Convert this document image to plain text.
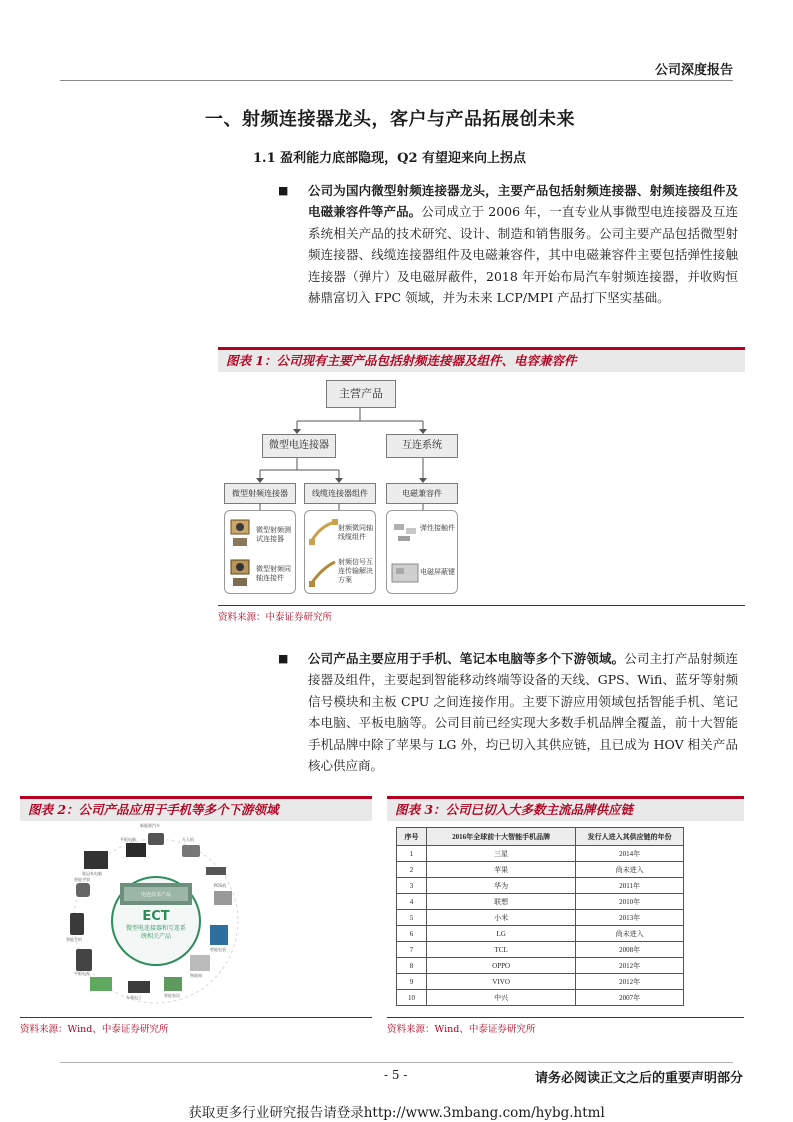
公司深度报告
一、射频连接器龙头，客户与产品拓展创未来
1.1 盈利能力底部隐现，Q2 有望迎来向上拐点
■ 公司为国内微型射频连接器龙头，主要产品包括射频连接器、射频连接组件及电磁兼容件等产品。公司成立于 2006 年，一直专业从事微型电连接器及互连系统相关产品的技术研究、设计、制造和销售服务。公司主要产品包括微型射频连接器、线缆连接器组件及电磁兼容件，其中电磁兼容件主要包括弹性接触连接器（弹片）及电磁屏蔽件，2018 年开始布局汽车射频连接器，并收购恒赫鼎富切入 FPC 领域，并为未来 LCP/MPI 产品打下坚实基础。
图表 1：公司现有主要产品包括射频连接器及组件、电容兼容件
主营产品
微型电连接器	互连系统
微型射频连接器	线缆连接器组件	电磁兼容件
微型射频测试连接器
微型射频同轴连接件
射频微同轴线缆组件
射频信号互连传输解决方案
弹性接触件
电磁屏蔽键
资料来源：中泰证券研究所
■ 公司产品主要应用于手机、笔记本电脑等多个下游领域。公司主打产品射频连接器及组件，主要起到智能移动终端等设备的天线、GPS、Wifi、蓝牙等射频信号模块和主板 CPU 之间连接作用。主要下游应用领域包括智能手机、笔记本电脑、平板电脑等。公司目前已经实现大多数手机品牌全覆盖，前十大智能手机品牌中除了苹果与 LG 外，均已切入其供应链，且已成为 HOV 相关产品核心供应商。
图表 2：公司产品应用于手机等多个下游领域
电连技术产品
ECT
微型电连接器和互连系统相关产品
新能源汽车
平板电脑	无人机
智能手表
POS机
笔记本电脑
智能电表
智能手机
物联网
平板电视
车载电子	智能家居
资料来源：Wind、中泰证券研究所
图表 3：公司已切入大多数主流品牌供应链
序号	2016年全球前十大智能手机品牌	发行人进入其供应链的年份
1	三星	2014年
2	苹果	尚未进入
3	华为	2011年
4	联想	2010年
5	小米	2013年
6	LG	尚未进入
7	TCL	2008年
8	OPPO	2012年
9	VIVO	2012年
10	中兴	2007年
资料来源：Wind、中泰证券研究所
- 5 -	请务必阅读正文之后的重要声明部分
获取更多行业研究报告请登录http://www.3mbang.com/hybg.html
